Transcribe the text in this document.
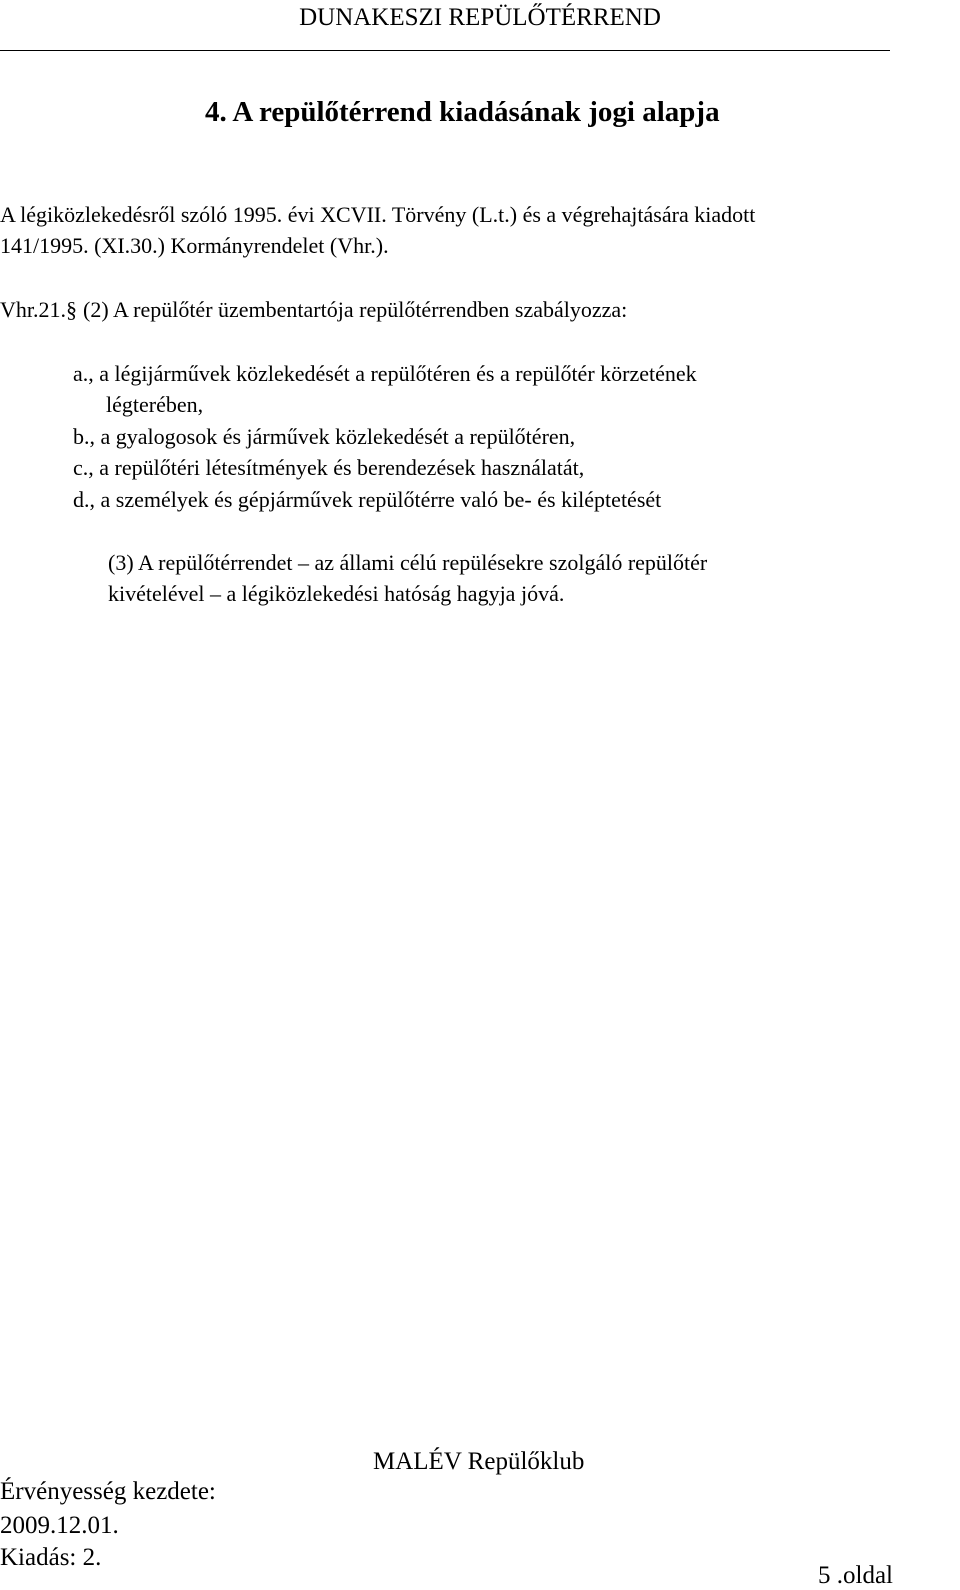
DUNAKESZI REPÜLŐTÉRREND
4. A repülőtérrend kiadásának jogi alapja
A légiközlekedésről szóló 1995. évi XCVII. Törvény (L.t.) és a végrehajtására kiadott
141/1995. (XI.30.) Kormányrendelet (Vhr.).
Vhr.21.§ (2) A repülőtér üzembentartója repülőtérrendben szabályozza:
a., a légijárművek közlekedését a repülőtéren és a repülőtér körzetének
légterében,
b., a gyalogosok és járművek közlekedését a repülőtéren,
c., a repülőtéri létesítmények és berendezések használatát,
d., a személyek és gépjárművek repülőtérre való be- és kiléptetését
(3) A repülőtérrendet – az állami célú repülésekre szolgáló repülőtér
kivételével – a légiközlekedési hatóság hagyja jóvá.
MALÉV Repülőklub
Érvényesség kezdete:
2009.12.01.
Kiadás: 2.
5 .oldal
